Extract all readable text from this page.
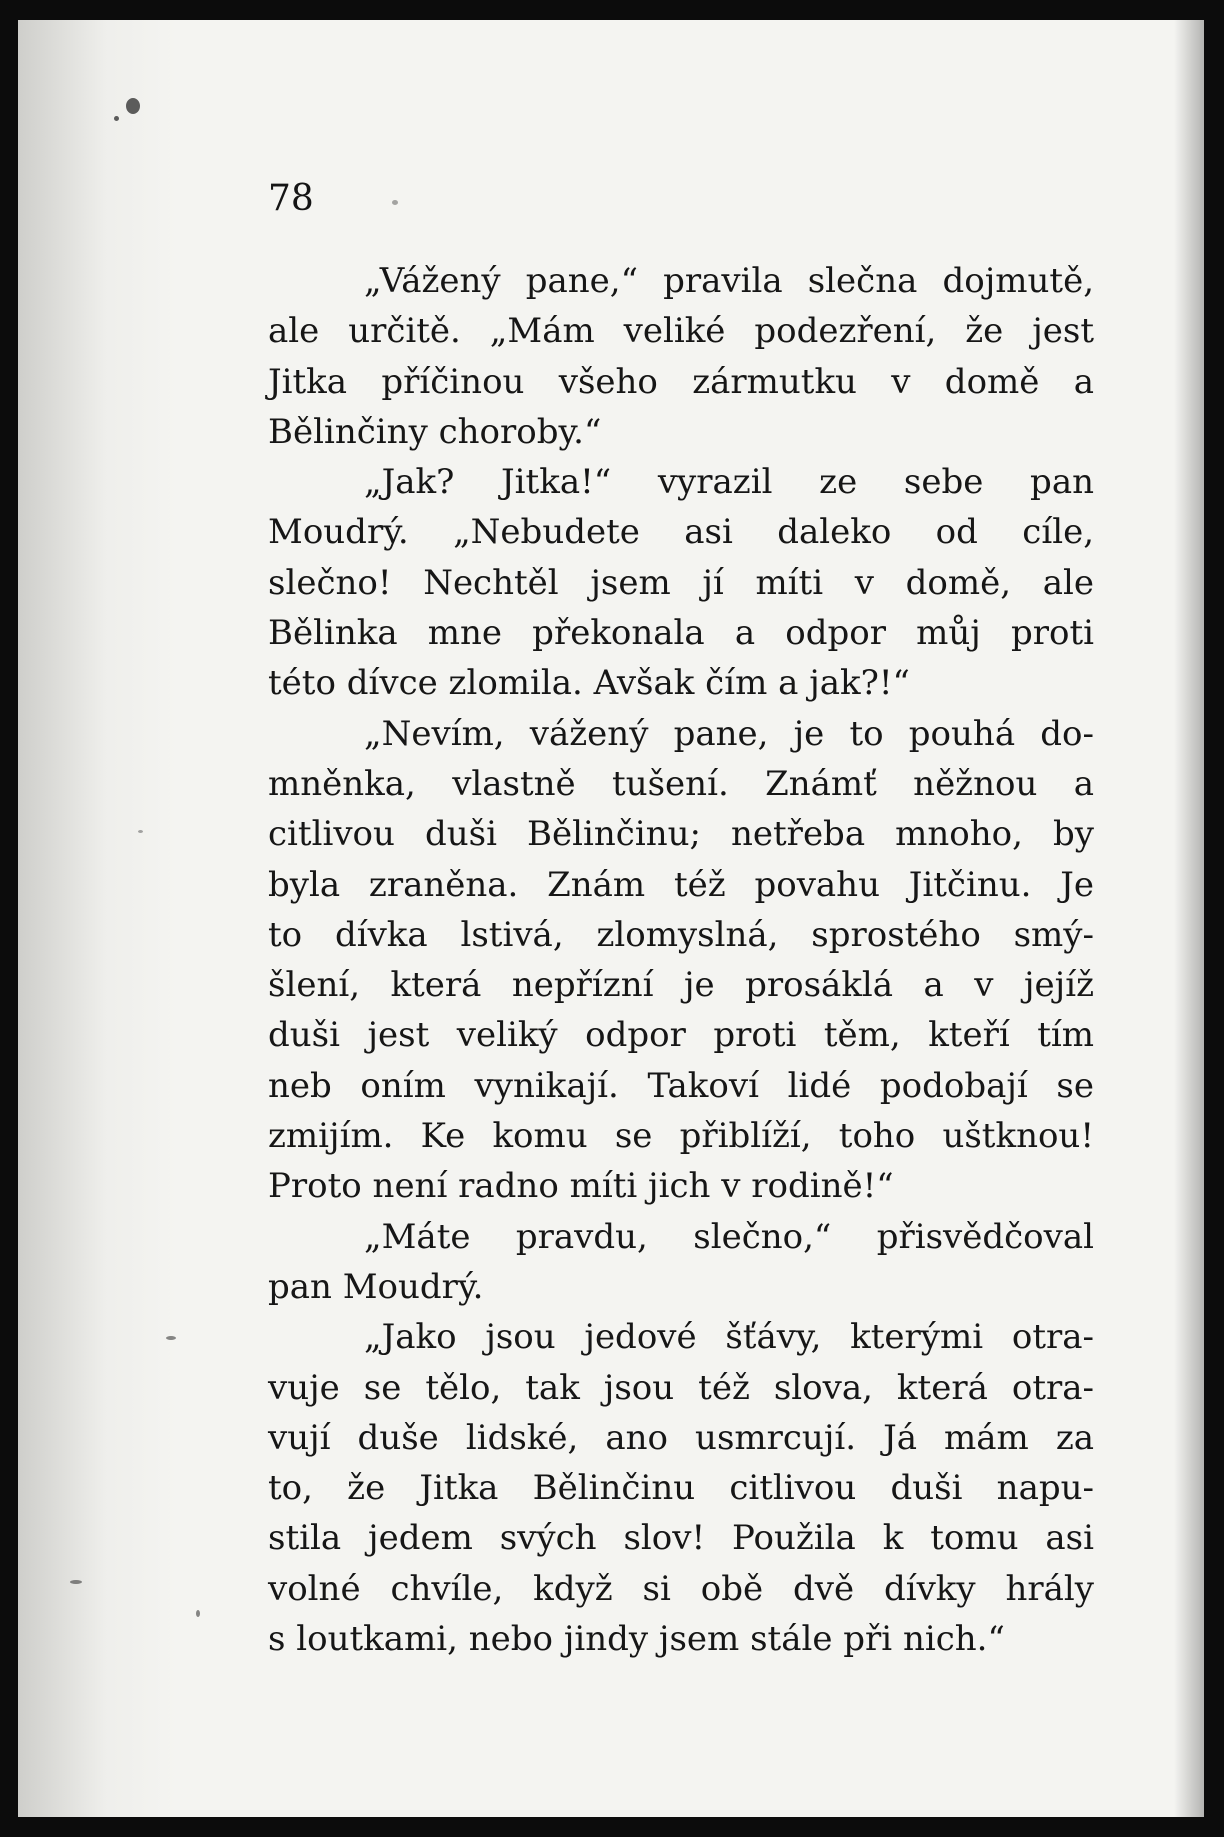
78
„Vážený pane,“ pravila slečna dojmutě,
ale určitě. „Mám veliké podezření, že jest
Jitka příčinou všeho zármutku v domě a
Bělinčiny choroby.“
„Jak? Jitka!“ vyrazil ze sebe pan
Moudrý. „Nebudete asi daleko od cíle,
slečno! Nechtěl jsem jí míti v domě, ale
Bělinka mne překonala a odpor můj proti
této dívce zlomila. Avšak čím a jak?!“
„Nevím, vážený pane, je to pouhá do-
mněnka, vlastně tušení. Známť něžnou a
citlivou duši Bělinčinu; netřeba mnoho, by
byla zraněna. Znám též povahu Jitčinu. Je
to dívka lstivá, zlomyslná, sprostého smý-
šlení, která nepřízní je prosáklá a v jejíž
duši jest veliký odpor proti těm, kteří tím
neb oním vynikají. Takoví lidé podobají se
zmijím. Ke komu se přiblíží, toho uštknou!
Proto není radno míti jich v rodině!“
„Máte pravdu, slečno,“ přisvědčoval
pan Moudrý.
„Jako jsou jedové šťávy, kterými otra-
vuje se tělo, tak jsou též slova, která otra-
vují duše lidské, ano usmrcují. Já mám za
to, že Jitka Bělinčinu citlivou duši napu-
stila jedem svých slov! Použila k tomu asi
volné chvíle, když si obě dvě dívky hrály
s loutkami, nebo jindy jsem stále při nich.“
